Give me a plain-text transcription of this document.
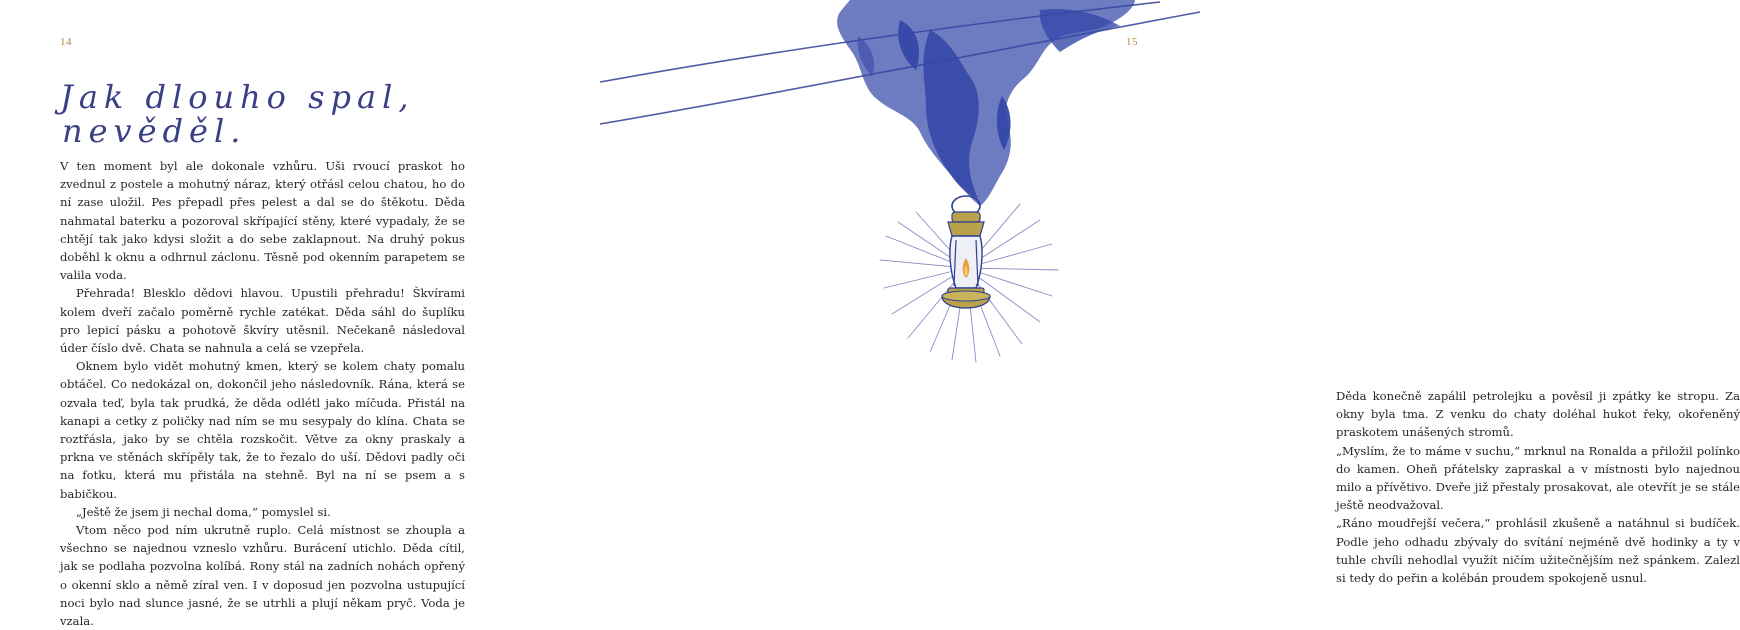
14
Jak dlouho spal,
nevěděl.

V ten moment byl ale dokonale vzhůru. Uši rvoucí praskot ho zvednul z postele a mohutný náraz, který otřásl celou chatou, ho do ní zase uložil. Pes přepadl přes pelest a dal se do štěkotu. Děda nahmatal baterku a pozoroval skřípající stěny, které vypadaly, že se chtějí tak jako kdysi složit a do sebe zaklapnout. Na druhý pokus doběhl k oknu a odhrnul záclonu. Těsně pod okenním parapetem se valila voda.

Přehrada! Blesklo dědovi hlavou. Upustili přehradu! Škvírami kolem dveří začalo poměrně rychle zatékat. Děda sáhl do šuplíku pro lepicí pásku a pohotově škvíry utěsnil. Nečekaně následoval úder číslo dvě. Chata se nahnula a celá se vzepřela.

Oknem bylo vidět mohutný kmen, který se kolem chaty pomalu obtáčel. Co nedokázal on, dokončil jeho následovník. Rána, která se ozvala teď, byla tak prudká, že děda odlétl jako míčuda. Přistál na kanapi a cetky z poličky nad ním se mu sesypaly do klína. Chata se roztřásla, jako by se chtěla rozskočit. Větve za okny praskaly a prkna ve stěnách skřípěly tak, že to řezalo do uší. Dědovi padly oči na fotku, která mu přistála na stehně. Byl na ní se psem a s babičkou.

„Ještě že jsem ji nechal doma,“ pomyslel si.

Vtom něco pod ním ukrutně ruplo. Celá místnost se zhoupla a všechno se najednou vzneslo vzhůru. Burácení utichlo. Děda cítil, jak se podlaha pozvolna kolíbá. Rony stál na zadních nohách opřený o okenní sklo a němě zíral ven. I v doposud jen pozvolna ustupující noci bylo nad slunce jasné, že se utrhli a plují někam pryč. Voda je vzala.

15

Děda konečně zapálil petrolejku a pověsil ji zpátky ke stropu. Za okny byla tma. Z venku do chaty doléhal hukot řeky, okořeněný praskotem unášených stromů.

„Myslím, že to máme v suchu,“ mrknul na Ronalda a přiložil polínko do kamen. Oheň přátelsky zapraskal a v místnosti bylo najednou milo a přívětivo. Dveře již přestaly prosakovat, ale otevřít je se stále ještě neodvažoval.

„Ráno moudřejší večera,“ prohlásil zkušeně a natáhnul si budíček. Podle jeho odhadu zbývaly do svítání nejméně dvě hodinky a ty v tuhle chvíli nehodlal využít ničím užitečnějším než spánkem. Zalezl si tedy do peřin a kolébán proudem spokojeně usnul.
